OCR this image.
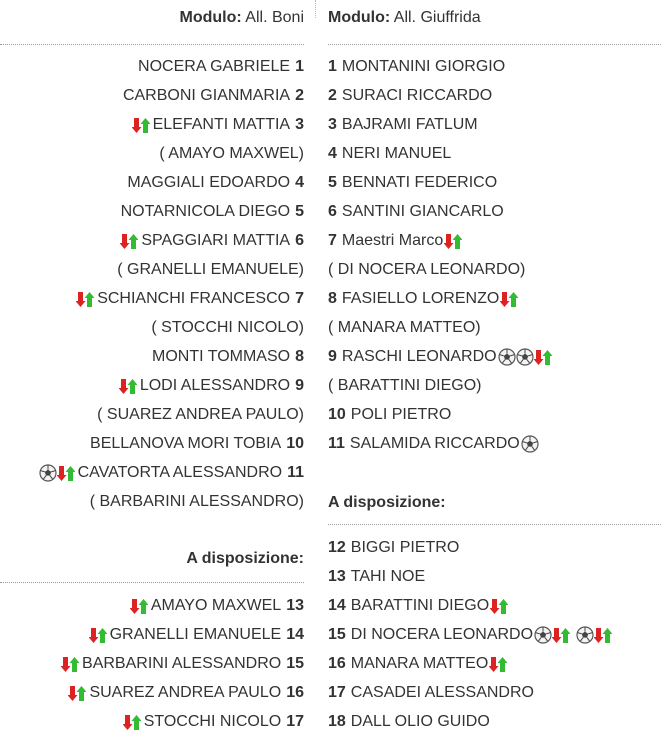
Modulo: All. Boni
NOCERA GABRIELE 1
CARBONI GIANMARIA 2
ELEFANTI MATTIA 3
( AMAYO MAXWEL)
MAGGIALI EDOARDO 4
NOTARNICOLA DIEGO 5
SPAGGIARI MATTIA 6
( GRANELLI EMANUELE)
SCHIANCHI FRANCESCO 7
( STOCCHI NICOLO)
MONTI TOMMASO 8
LODI ALESSANDRO 9
( SUAREZ ANDREA PAULO)
BELLANOVA MORI TOBIA 10
CAVATORTA ALESSANDRO 11
( BARBARINI ALESSANDRO)
A disposizione:
AMAYO MAXWEL 13
GRANELLI EMANUELE 14
BARBARINI ALESSANDRO 15
SUAREZ ANDREA PAULO 16
STOCCHI NICOLO 17
Modulo: All. Giuffrida
1 MONTANINI GIORGIO
2 SURACI RICCARDO
3 BAJRAMI FATLUM
4 NERI MANUEL
5 BENNATI FEDERICO
6 SANTINI GIANCARLO
7 Maestri Marco
( DI NOCERA LEONARDO)
8 FASIELLO LORENZO
( MANARA MATTEO)
9 RASCHI LEONARDO
( BARATTINI DIEGO)
10 POLI PIETRO
11 SALAMIDA RICCARDO
A disposizione:
12 BIGGI PIETRO
13 TAHI NOE
14 BARATTINI DIEGO
15 DI NOCERA LEONARDO
16 MANARA MATTEO
17 CASADEI ALESSANDRO
18 DALL OLIO GUIDO
